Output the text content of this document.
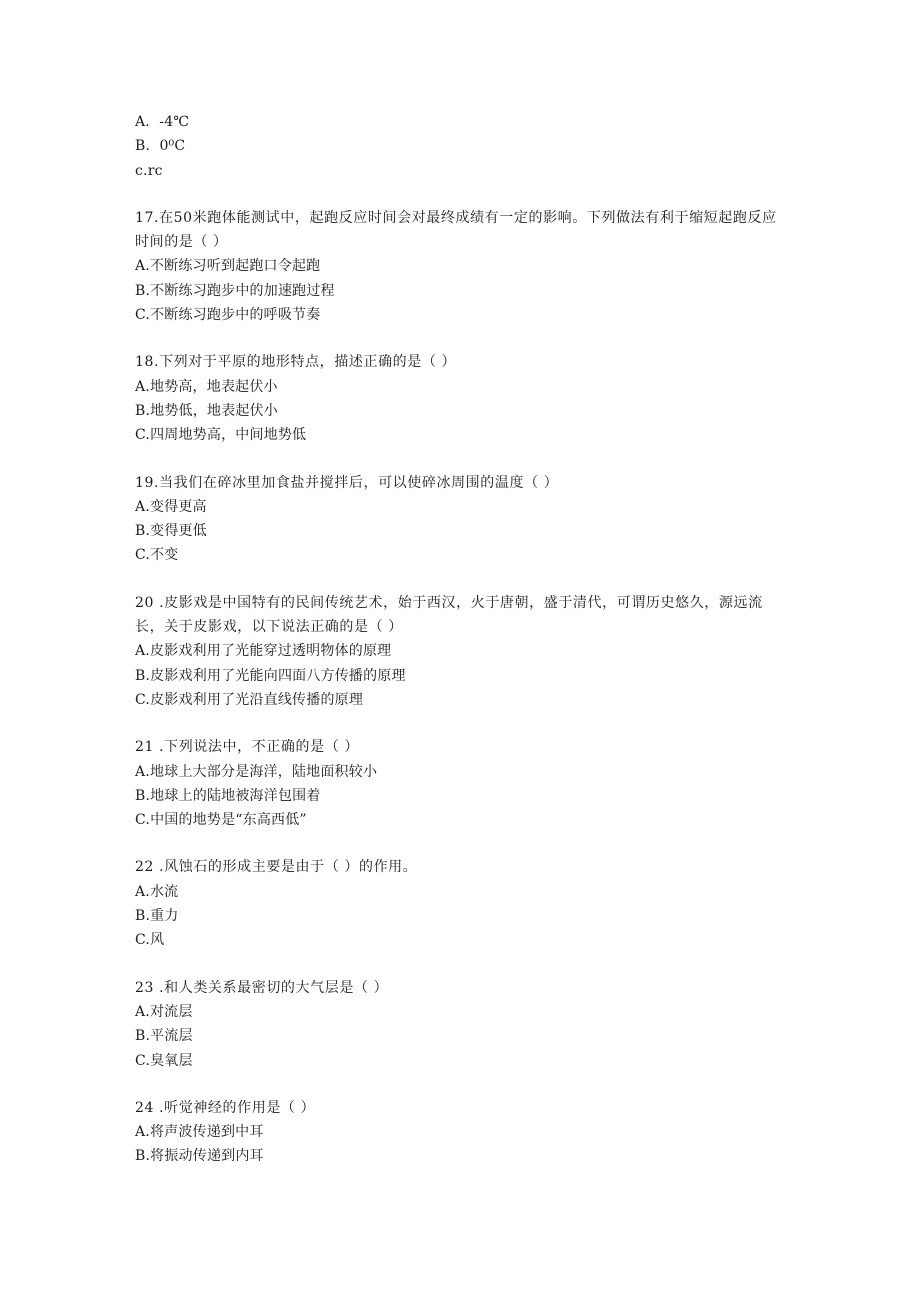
A.  -4℃
B.  0⁰C
c.rc
17.在50米跑体能测试中，起跑反应时间会对最终成绩有一定的影响。下列做法有利于缩短起跑反应时间的是（ ）
A.不断练习听到起跑口令起跑
B.不断练习跑步中的加速跑过程
C.不断练习跑步中的呼吸节奏
18.下列对于平原的地形特点，描述正确的是（ ）
A.地势高，地表起伏小
B.地势低，地表起伏小
C.四周地势高，中间地势低
19.当我们在碎冰里加食盐并搅拌后，可以使碎冰周围的温度（ ）
A.变得更高
B.变得更低
C.不变
20 .皮影戏是中国特有的民间传统艺术，始于西汉，火于唐朝，盛于清代，可谓历史悠久，源远流长，关于皮影戏，以下说法正确的是（ ）
A.皮影戏利用了光能穿过透明物体的原理
B.皮影戏利用了光能向四面八方传播的原理
C.皮影戏利用了光沿直线传播的原理
21 .下列说法中，不正确的是（ ）
A.地球上大部分是海洋，陆地面积较小
B.地球上的陆地被海洋包围着
C.中国的地势是“东高西低”
22 .风蚀石的形成主要是由于（ ）的作用。
A.水流
B.重力
C.风
23 .和人类关系最密切的大气层是（ ）
A.对流层
B.平流层
C.臭氧层
24 .听觉神经的作用是（ ）
A.将声波传递到中耳
B.将振动传递到内耳
